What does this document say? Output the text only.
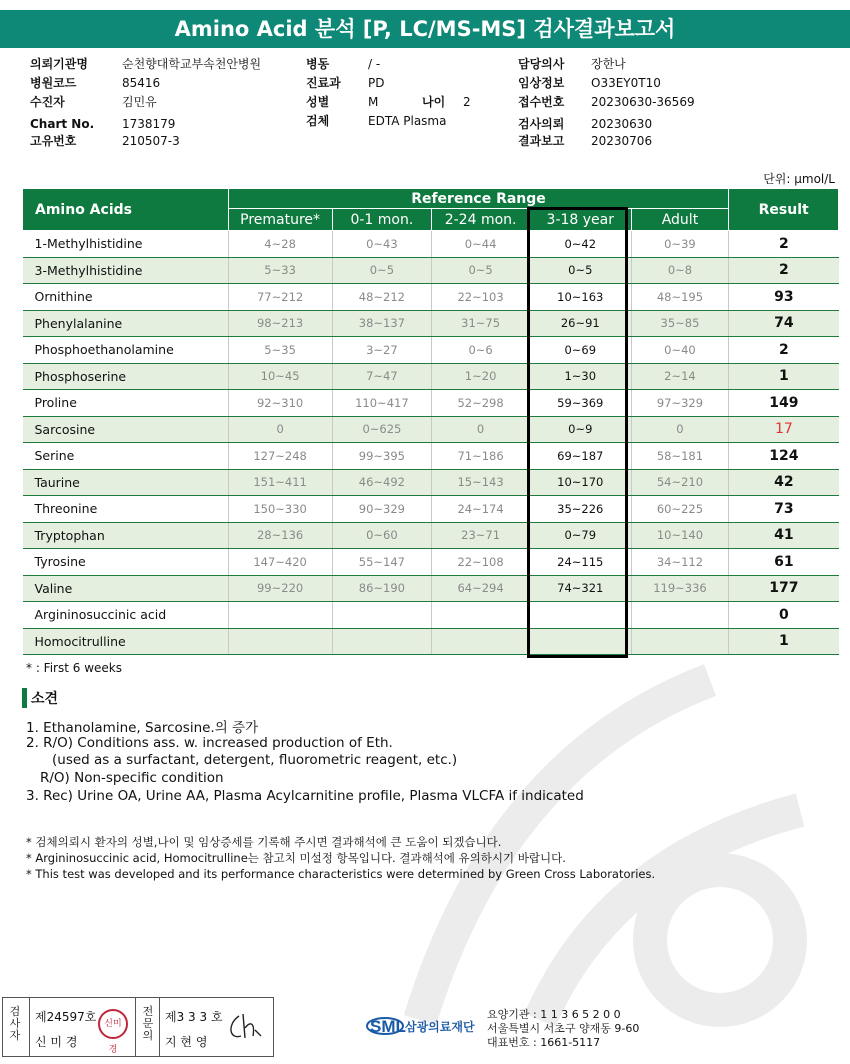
Amino Acid 분석 [P, LC/MS-MS] 검사결과보고서
의뢰기관명	순천향대학교부속천안병원
병원코드	85416
수진자	김민유
Chart No. 1738179
고유번호	210507-3
병동	/ -
진료과 PD
성별	M
검체	EDTA Plasma
담당의사 장한나
임상정보 O33EY0T10
접수번호 20230630-36569
검사의뢰 20230630
결과보고 20230706
나이 2
단위: μmol/L
Amino Acids	Reference Range					Result
	Premature*	0-1 mon.	2-24 mon.	3-18 year	Adult	
1-Methylhistidine	4~28	0~43	0~44	0~42	0~39	2
3-Methylhistidine	5~33	0~5	0~5	0~5	0~8	2
Ornithine	77~212	48~212	22~103	10~163	48~195	93
Phenylalanine	98~213	38~137	31~75	26~91	35~85	74
Phosphoethanolamine	5~35	3~27	0~6	0~69	0~40	2
Phosphoserine	10~45	7~47	1~20	1~30	2~14	1
Proline	92~310	110~417	52~298	59~369	97~329	149
Sarcosine	0	0~625	0	0~9	0	17
Serine	127~248	99~395	71~186	69~187	58~181	124
Taurine	151~411	46~492	15~143	10~170	54~210	42
Threonine	150~330	90~329	24~174	35~226	60~225	73
Tryptophan	28~136	0~60	23~71	0~79	10~140	41
Tyrosine	147~420	55~147	22~108	24~115	34~112	61
Valine	99~220	86~190	64~294	74~321	119~336	177
Argininosuccinic acid						0
Homocitrulline						1
* : First 6 weeks
소견
1. Ethanolamine, Sarcosine.의 증가
2. R/O) Conditions ass. w. increased production of Eth.
(used as a surfactant, detergent, fluorometric reagent, etc.)
R/O) Non-specific condition
3. Rec) Urine OA, Urine AA, Plasma Acylcarnitine profile, Plasma VLCFA if indicated
* 검체의뢰시 환자의 성별,나이 및 임상증세를 기록해 주시면 결과해석에 큰 도움이 되겠습니다.
* Argininosuccinic acid, Homocitrulline는 참고치 미설정 항목입니다. 결과해석에 유의하시기 바랍니다.
* This test was developed and its performance characteristics were determined by Green Cross Laboratories.
검
사
자
제24597호
신 미 경
신미경
전
문
의
제3 3 3 호
지 현 영
SML 삼광의료재단
요양기관 : 1 1 3 6 5 2 0 0
서울특별시 서초구 양재동 9-60
대표번호 : 1661-5117
